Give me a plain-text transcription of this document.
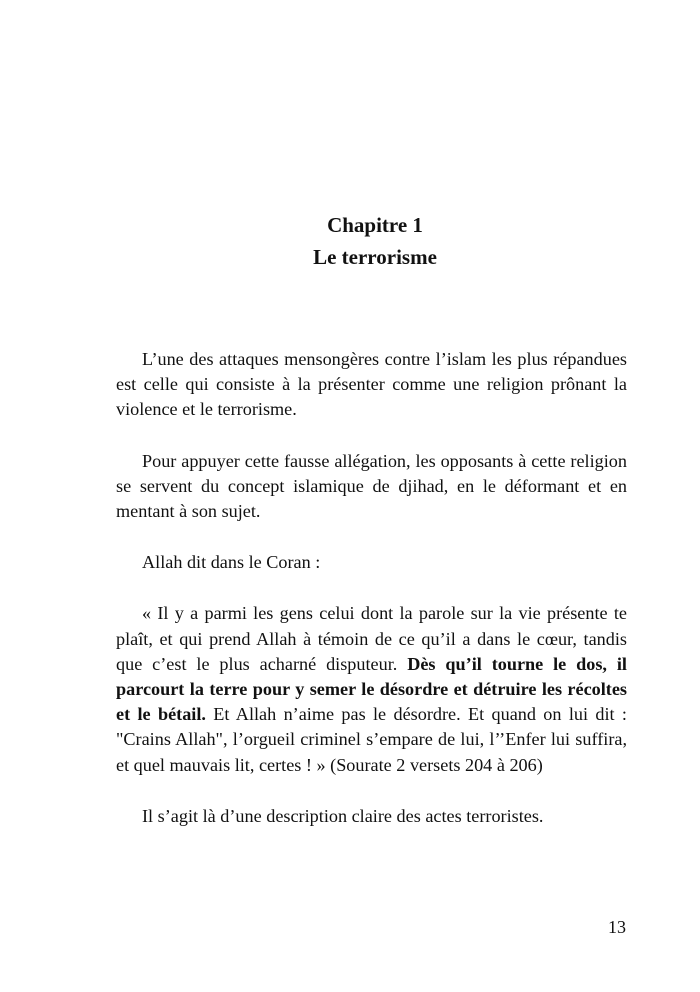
Chapitre 1
Le terrorisme

L’une des attaques mensongères contre l’islam les plus répandues est celle qui consiste à la présenter comme une religion prônant la violence et le terrorisme.

Pour appuyer cette fausse allégation, les opposants à cette religion se servent du concept islamique de djihad, en le déformant et en mentant à son sujet.

Allah dit dans le Coran :

« Il y a parmi les gens celui dont la parole sur la vie présente te plaît, et qui prend Allah à témoin de ce qu’il a dans le cœur, tandis que c’est le plus acharné disputeur. Dès qu’il tourne le dos, il parcourt la terre pour y semer le désordre et détruire les récoltes et le bétail. Et Allah n’aime pas le désordre. Et quand on lui dit : "Crains Allah", l’orgueil criminel s’empare de lui, l’’Enfer lui suffira, et quel mauvais lit, certes ! » (Sourate 2 versets 204 à 206)

Il s’agit là d’une description claire des actes terroristes.

13
